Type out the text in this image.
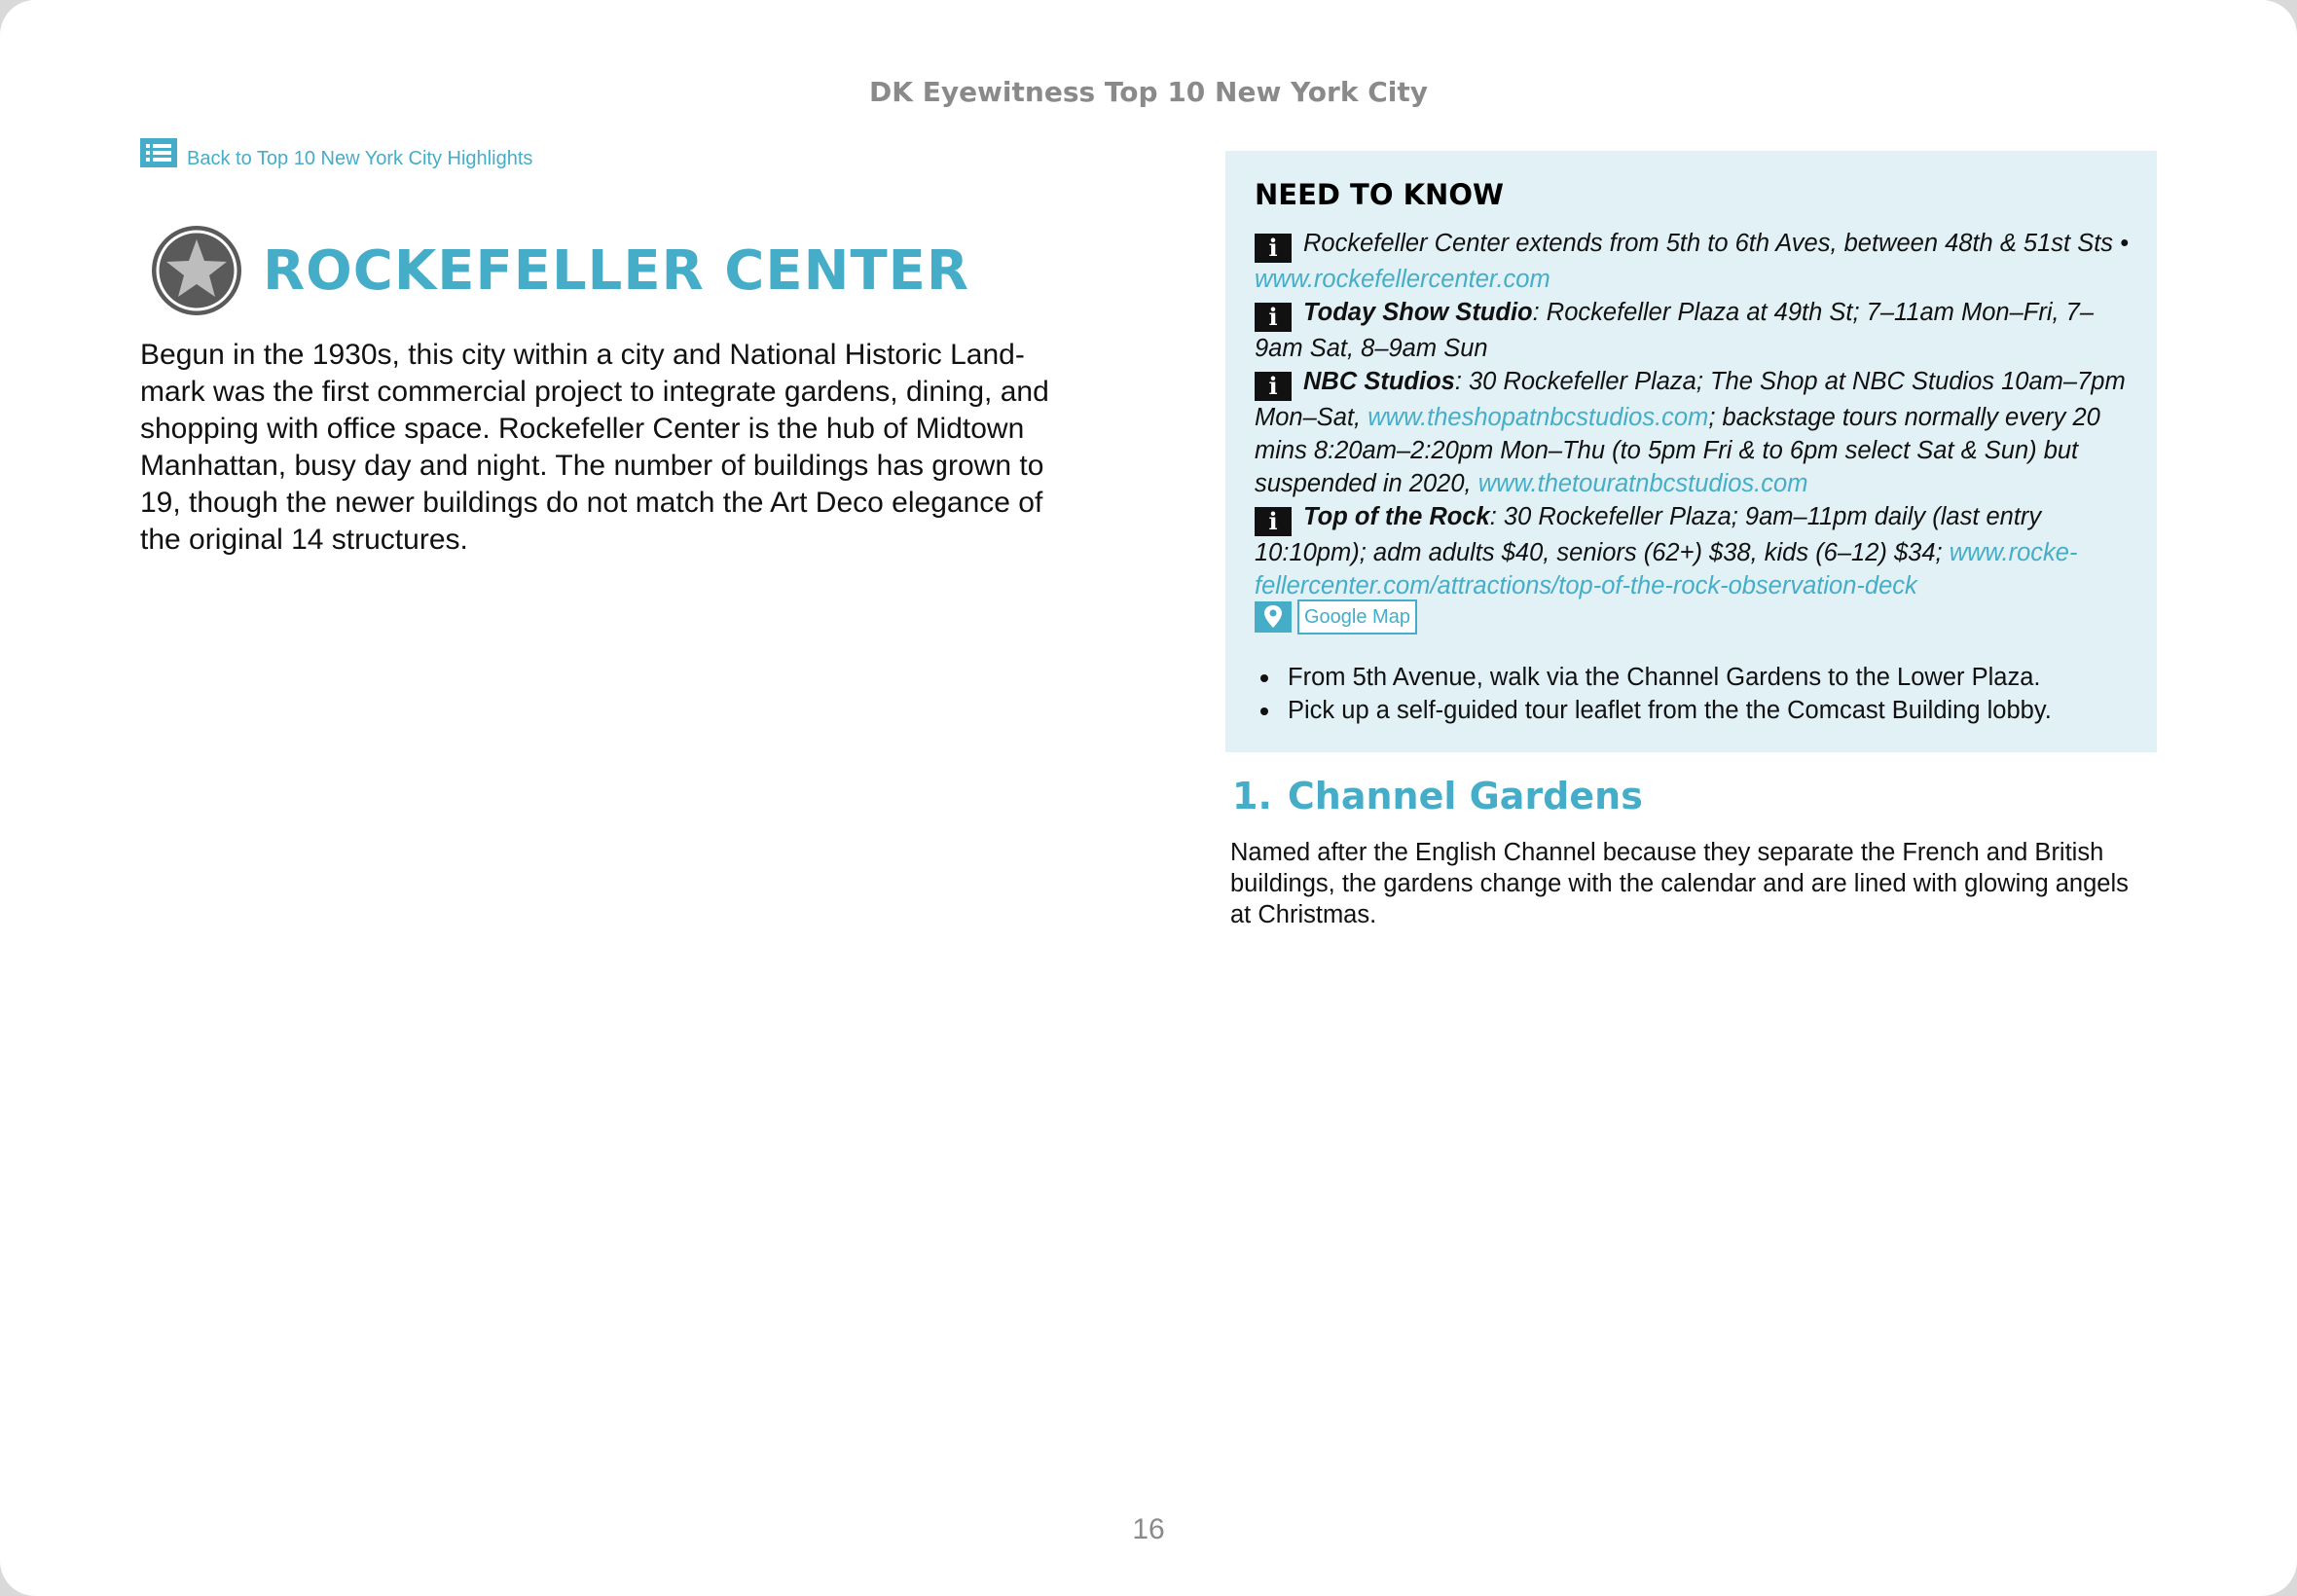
DK Eyewitness Top 10 New York City
Back to Top 10 New York City Highlights
ROCKEFELLER CENTER
Begun in the 1930s, this city within a city and National Historic Land-mark was the first commercial project to integrate gardens, dining, and shopping with office space. Rockefeller Center is the hub of Midtown Manhattan, busy day and night. The number of buildings has grown to 19, though the newer buildings do not match the Art Deco elegance of the original 14 structures.
NEED TO KNOW
i Rockefeller Center extends from 5th to 6th Aves, between 48th & 51st Sts • www.rockefellercenter.com
i Today Show Studio: Rockefeller Plaza at 49th St; 7–11am Mon–Fri, 7–9am Sat, 8–9am Sun
i NBC Studios: 30 Rockefeller Plaza; The Shop at NBC Studios 10am–7pm Mon–Sat, www.theshopatnbcstudios.com; backstage tours normally every 20 mins 8:20am–2:20pm Mon–Thu (to 5pm Fri & to 6pm select Sat & Sun) but suspended in 2020, www.thetouratnbcstudios.com
i Top of the Rock: 30 Rockefeller Plaza; 9am–11pm daily (last entry 10:10pm); adm adults $40, seniors (62+) $38, kids (6–12) $34; www.rocke-fellercenter.com/attractions/top-of-the-rock-observation-deck
Google Map
From 5th Avenue, walk via the Channel Gardens to the Lower Plaza.
Pick up a self-guided tour leaflet from the the Comcast Building lobby.
1. Channel Gardens
Named after the English Channel because they separate the French and British buildings, the gardens change with the calendar and are lined with glowing angels at Christmas.
16
